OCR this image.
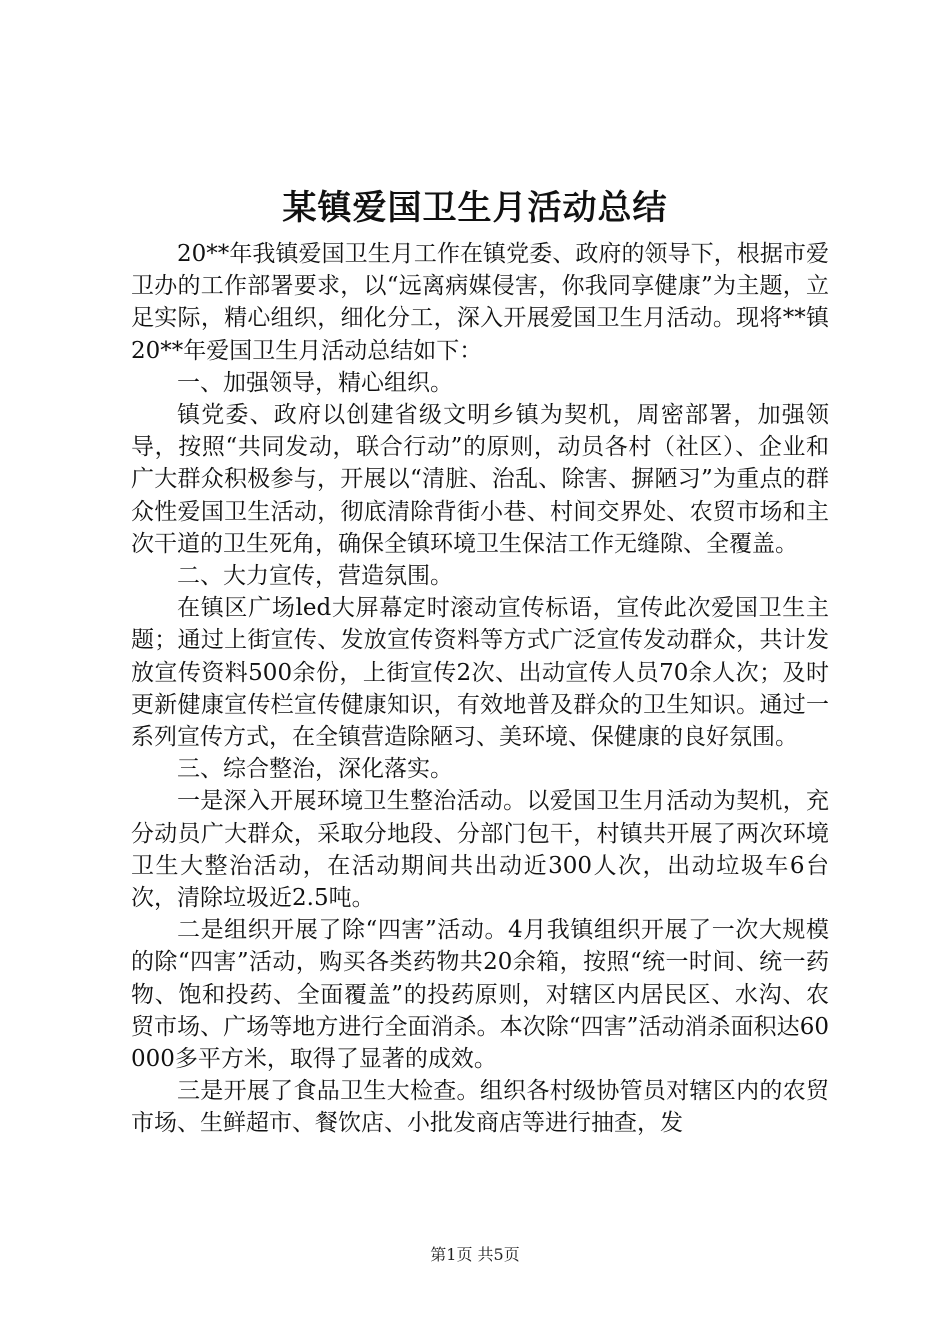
某镇爱国卫生月活动总结

20**年我镇爱国卫生月工作在镇党委、政府的领导下，根据市爱卫办的工作部署要求，以“远离病媒侵害，你我同享健康”为主题，立足实际，精心组织，细化分工，深入开展爱国卫生月活动。现将**镇20**年爱国卫生月活动总结如下：

一、加强领导，精心组织。

镇党委、政府以创建省级文明乡镇为契机，周密部署，加强领导，按照“共同发动，联合行动”的原则，动员各村（社区）、企业和广大群众积极参与，开展以“清脏、治乱、除害、摒陋习”为重点的群众性爱国卫生活动，彻底清除背街小巷、村间交界处、农贸市场和主次干道的卫生死角，确保全镇环境卫生保洁工作无缝隙、全覆盖。

二、大力宣传，营造氛围。

在镇区广场led大屏幕定时滚动宣传标语，宣传此次爱国卫生主题；通过上街宣传、发放宣传资料等方式广泛宣传发动群众，共计发放宣传资料500余份，上街宣传2次、出动宣传人员70余人次；及时更新健康宣传栏宣传健康知识，有效地普及群众的卫生知识。通过一系列宣传方式，在全镇营造除陋习、美环境、保健康的良好氛围。

三、综合整治，深化落实。

一是深入开展环境卫生整治活动。以爱国卫生月活动为契机，充分动员广大群众，采取分地段、分部门包干，村镇共开展了两次环境卫生大整治活动，在活动期间共出动近300人次，出动垃圾车6台次，清除垃圾近2.5吨。

二是组织开展了除“四害”活动。4月我镇组织开展了一次大规模的除“四害”活动，购买各类药物共20余箱，按照“统一时间、统一药物、饱和投药、全面覆盖”的投药原则，对辖区内居民区、水沟、农贸市场、广场等地方进行全面消杀。本次除“四害”活动消杀面积达60000多平方米，取得了显著的成效。

三是开展了食品卫生大检查。组织各村级协管员对辖区内的农贸市场、生鲜超市、餐饮店、小批发商店等进行抽查，发

第1页 共5页
